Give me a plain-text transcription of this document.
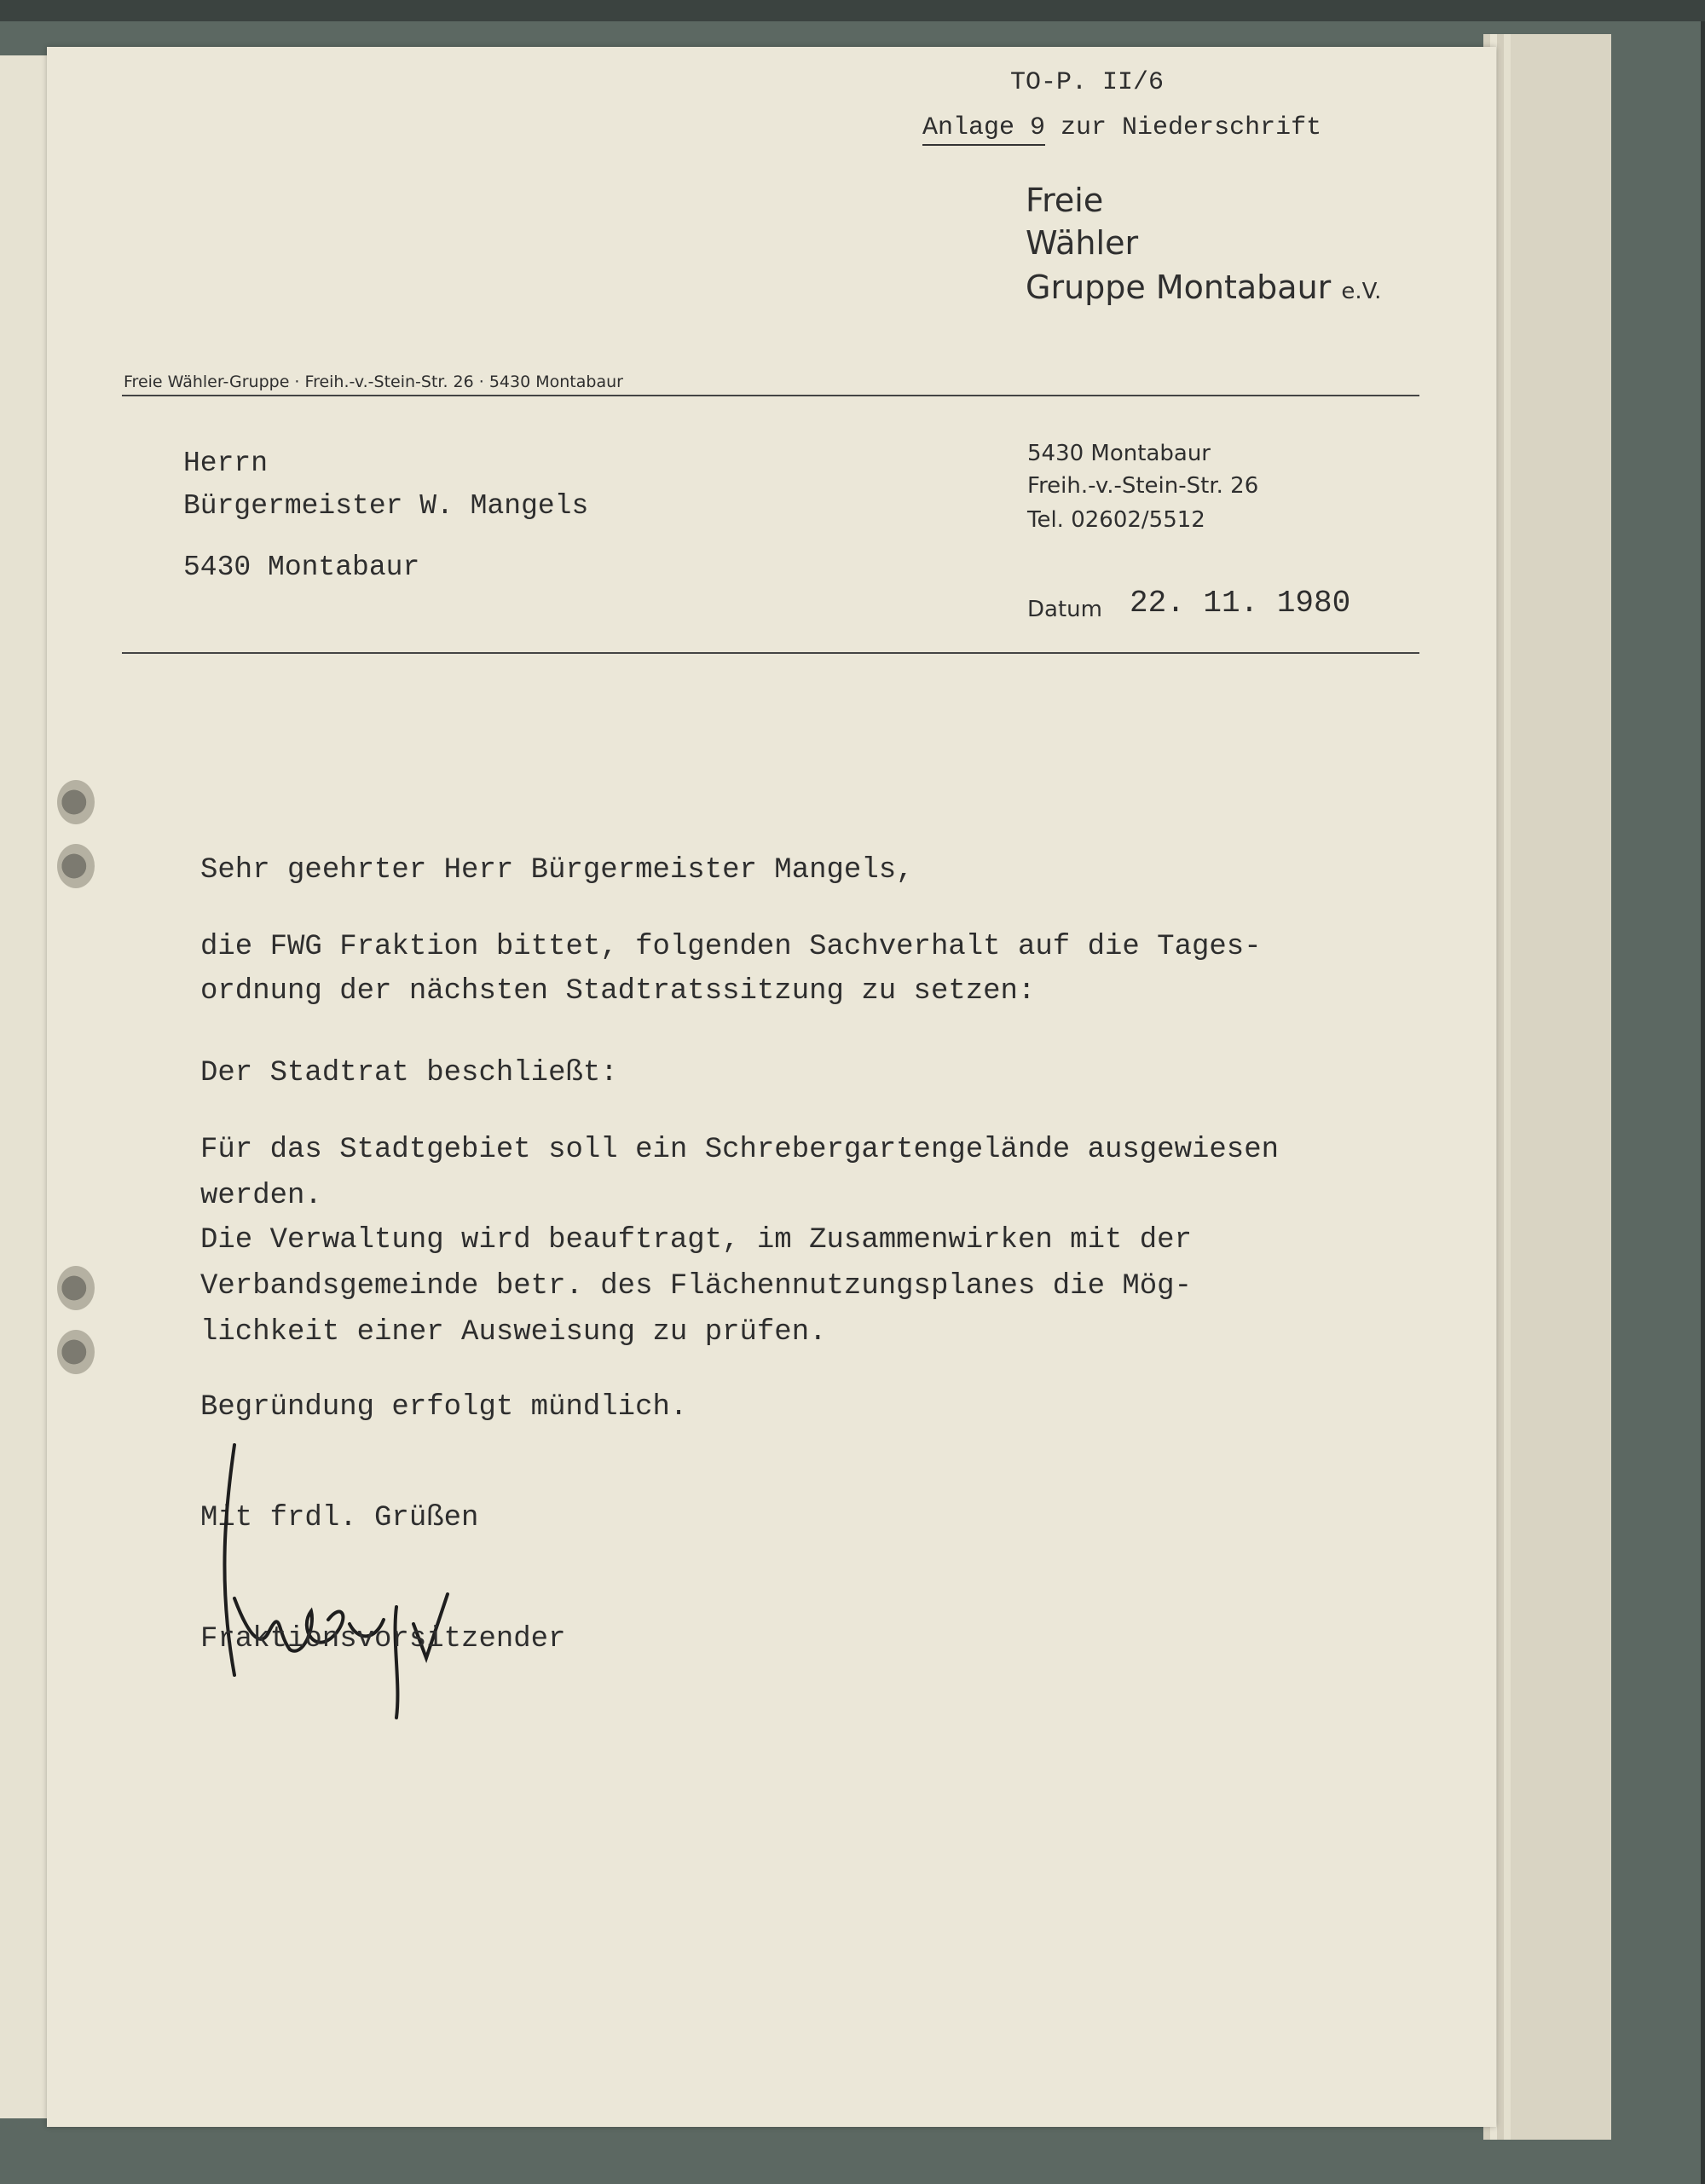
TO-P. II/6
Anlage 9 zur Niederschrift
Freie
Wähler
Gruppe Montabaur e.V.
Freie Wähler-Gruppe · Freih.-v.-Stein-Str. 26 · 5430 Montabaur
Herrn
Bürgermeister W. Mangels
5430 Montabaur
5430 Montabaur
Freih.-v.-Stein-Str. 26
Tel. 02602/5512
Datum 22. 11. 1980
Sehr geehrter Herr Bürgermeister Mangels,
die FWG Fraktion bittet, folgenden Sachverhalt auf die Tages-
ordnung der nächsten Stadtratssitzung zu setzen:
Der Stadtrat beschließt:
Für das Stadtgebiet soll ein Schrebergartengelände ausgewiesen
werden.
Die Verwaltung wird beauftragt, im Zusammenwirken mit der
Verbandsgemeinde betr. des Flächennutzungsplanes die Mög-
lichkeit einer Ausweisung zu prüfen.
Begründung erfolgt mündlich.
Mit frdl. Grüßen
Fraktionsvorsitzender
